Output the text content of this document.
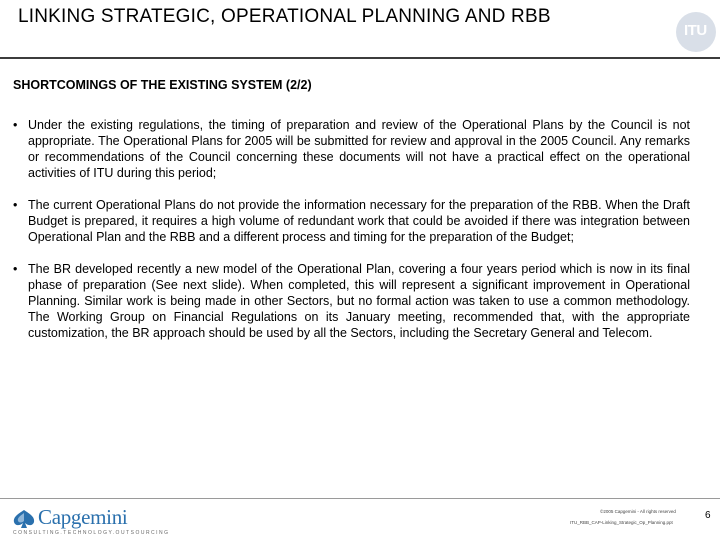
LINKING STRATEGIC, OPERATIONAL PLANNING AND RBB
ITU
SHORTCOMINGS OF THE EXISTING SYSTEM (2/2)
• Under the existing regulations, the timing of preparation and review of the Operational Plans by the Council is not appropriate. The Operational Plans for 2005 will be submitted for review and approval in the 2005 Council. Any remarks or recommendations of the Council concerning these documents will not have a practical effect on the operational activities of ITU during this period;
• The current Operational Plans do not provide the information necessary for the preparation of the RBB. When the Draft Budget is prepared, it requires a high volume of redundant work that could be avoided if there was integration between Operational Plan and the RBB and a different process and timing for the preparation of the Budget;
• The BR developed recently a new model of the Operational Plan, covering a four years period which is now in its final phase of preparation (See next slide). When completed, this will represent a significant improvement in Operational Planning. Similar work is being made in other Sectors, but no formal action was taken to use a common methodology. The Working Group on Financial Regulations on its January meeting, recommended that, with the appropriate customization, the BR approach should be used by all the Sectors, including the Secretary General and Telecom.
Capgemini
CONSULTING.TECHNOLOGY.OUTSOURCING
©2005 Capgemini - All rights reserved
ITU_RBB_CAP-Linking_Strategic_Op_Planning.ppt
6
